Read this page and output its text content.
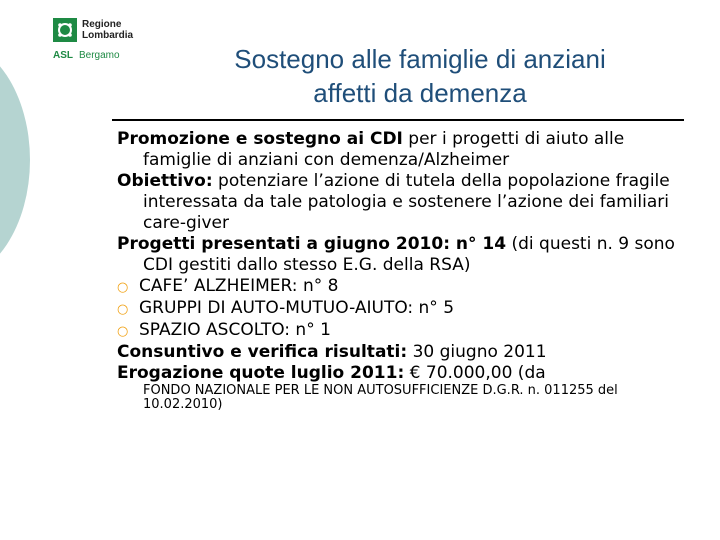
Regione
Lombardia
ASL Bergamo	Sostegno alle famiglie di anziani
affetti da demenza

Promozione e sostegno ai CDI per i progetti di aiuto alle famiglie di anziani con demenza/Alzheimer

Obiettivo: potenziare l’azione di tutela della popolazione fragile interessata da tale patologia e sostenere l’azione dei familiari care-giver

Progetti presentati a giugno 2010: n° 14 (di questi n. 9 sono CDI gestiti dallo stesso E.G. della RSA)

○ CAFE’ ALZHEIMER: n° 8

○ GRUPPI DI AUTO-MUTUO-AIUTO: n° 5

○ SPAZIO ASCOLTO: n° 1

Consuntivo e verifica risultati: 30 giugno 2011

Erogazione quote luglio 2011: € 70.000,00 (da

FONDO NAZIONALE PER LE NON AUTOSUFFICIENZE D.G.R. n. 011255 del 10.02.2010)
